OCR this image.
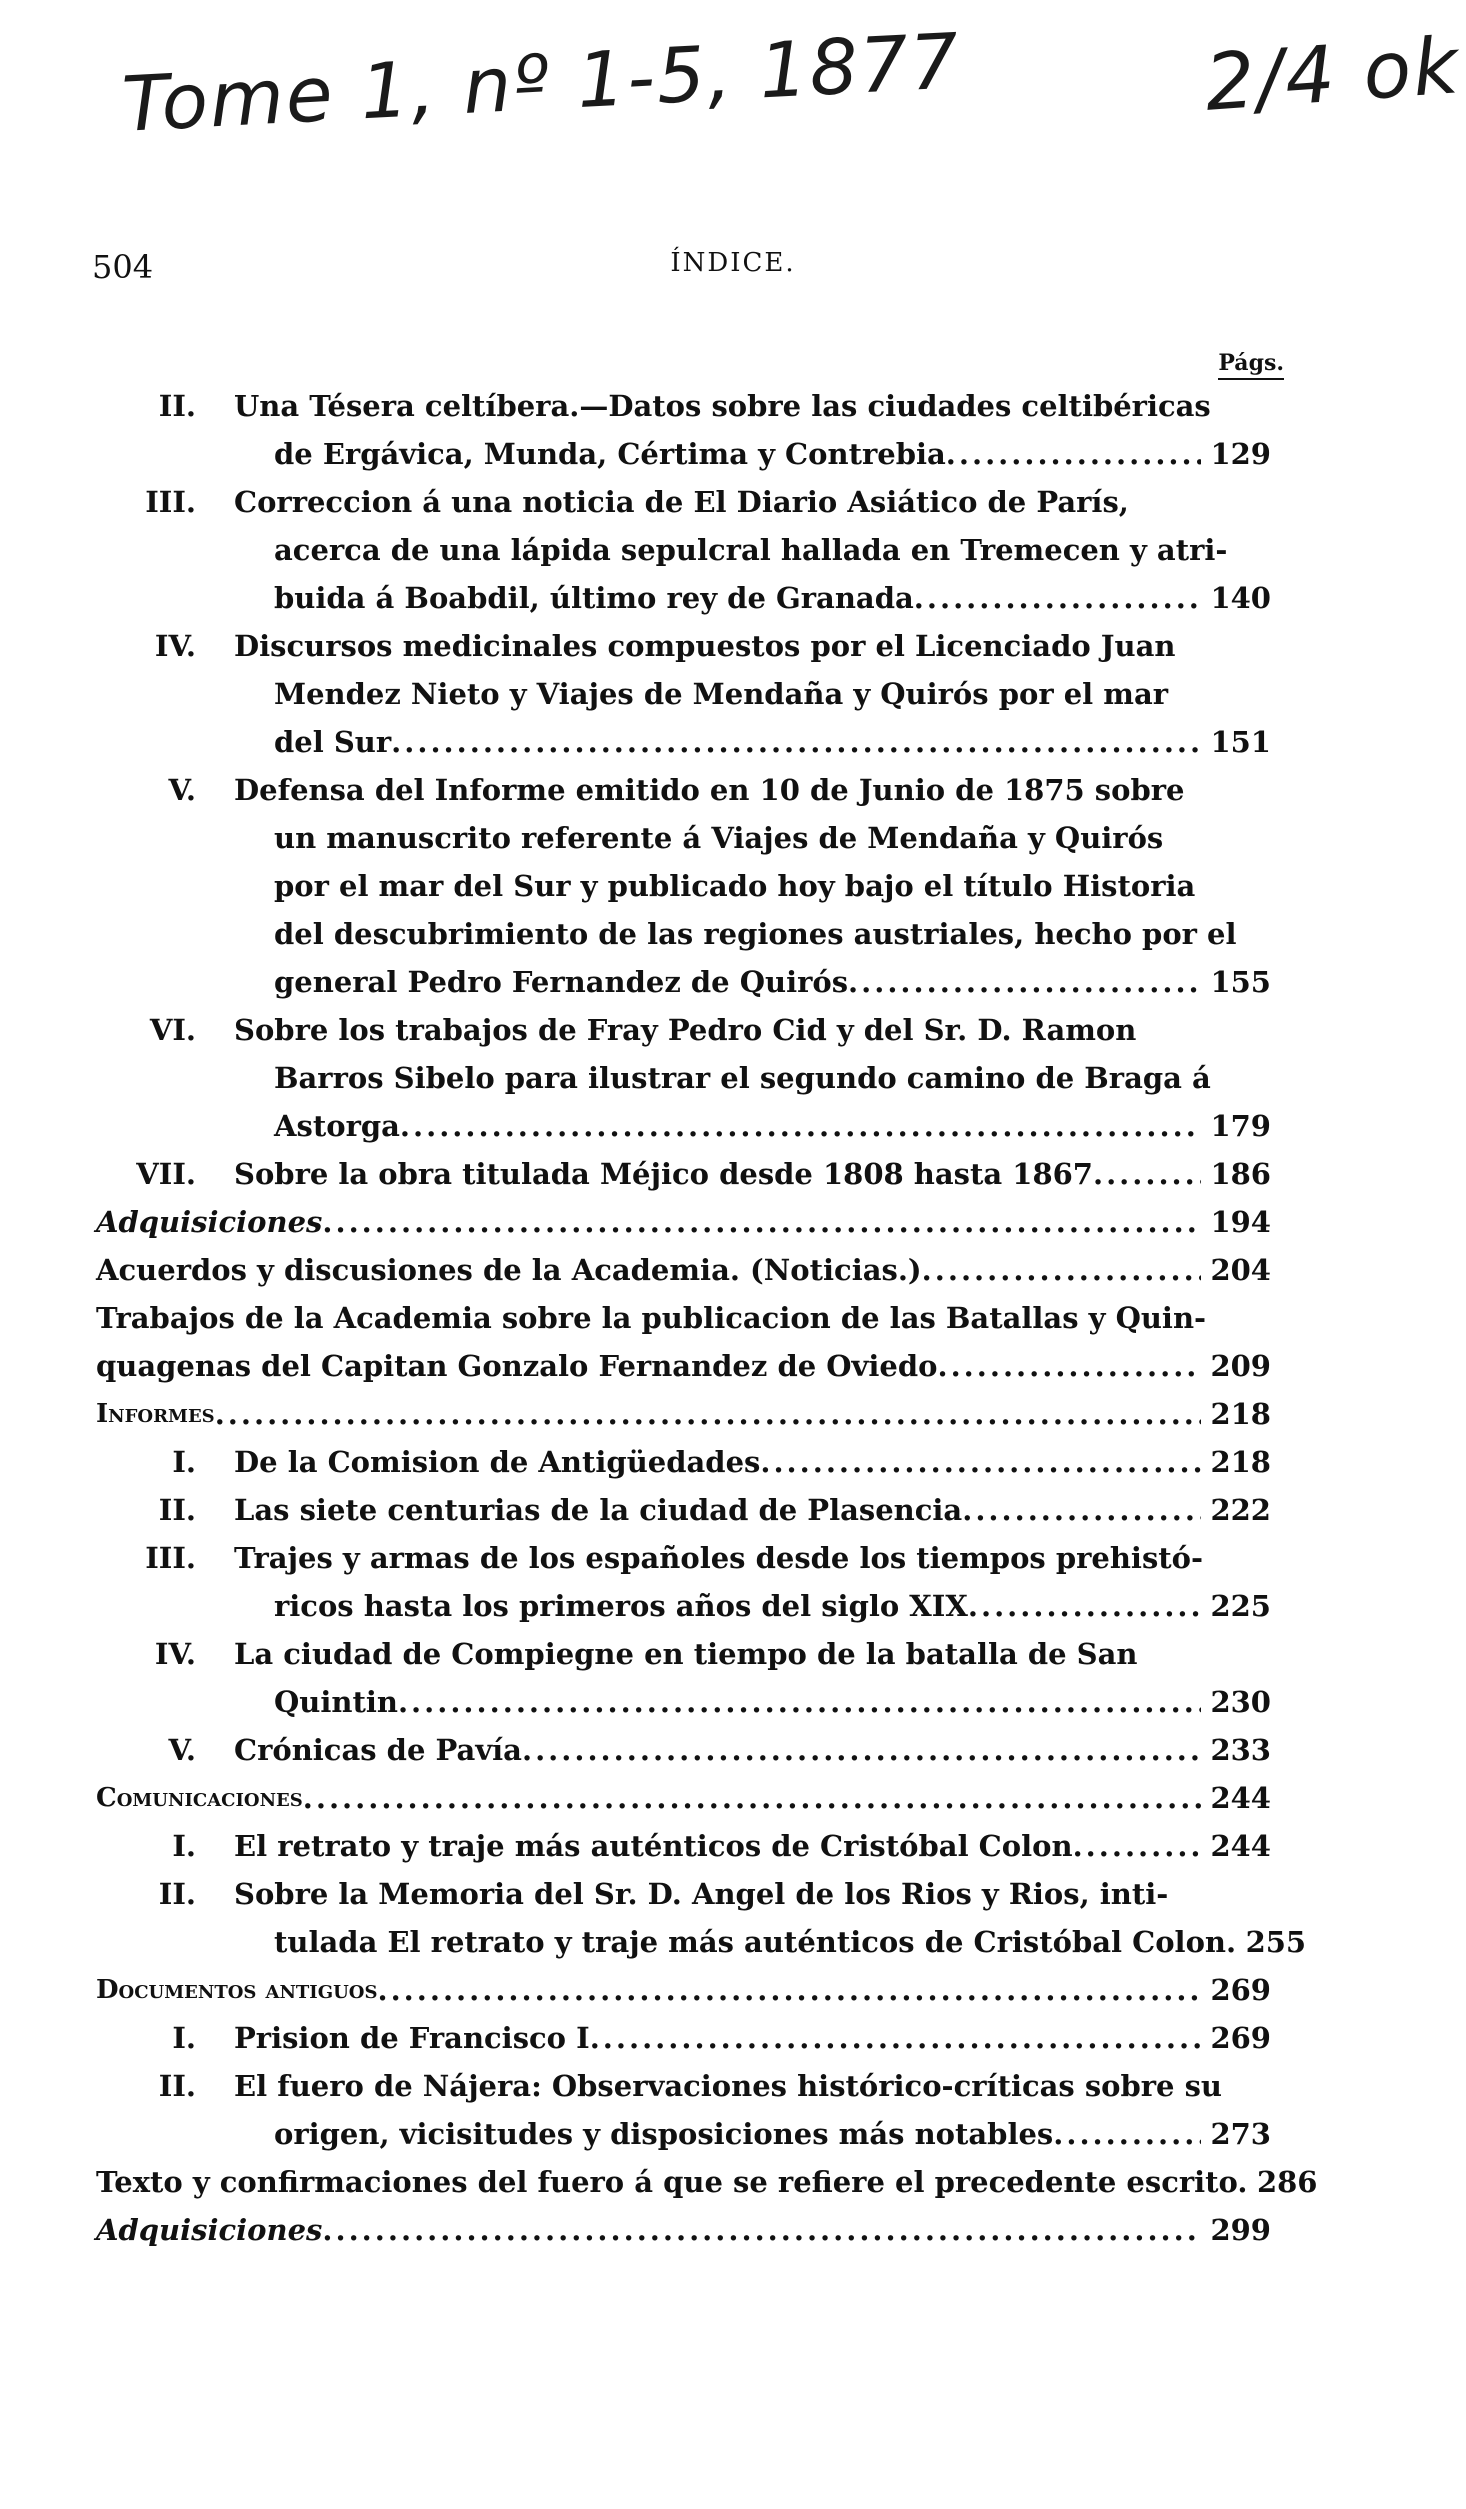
Tome 1, nº 1-5, 1877	2/4 ok
504	ÍNDICE.
Págs.
II. Una Tésera celtíbera.—Datos sobre las ciudades celtibéricas
de Ergávica, Munda, Cértima y Contrebia .....	129
III. Correccion á una noticia de El Diario Asiático de París,
acerca de una lápida sepulcral hallada en Tremecen y atri-
buida á Boabdil, último rey de Granada .....	140
IV. Discursos medicinales compuestos por el Licenciado Juan
Mendez Nieto y Viajes de Mendaña y Quirós por el mar
del Sur .....	151
V. Defensa del Informe emitido en 10 de Junio de 1875 sobre
un manuscrito referente á Viajes de Mendaña y Quirós
por el mar del Sur y publicado hoy bajo el título Historia
del descubrimiento de las regiones austriales, hecho por el
general Pedro Fernandez de Quirós .....	155
VI. Sobre los trabajos de Fray Pedro Cid y del Sr. D. Ramon
Barros Sibelo para ilustrar el segundo camino de Braga á
Astorga .....	179
VII. Sobre la obra titulada Méjico desde 1808 hasta 1867 .....	186
Adquisiciones .....	194
Acuerdos y discusiones de la Academia. (Noticias.) .....	204
Trabajos de la Academia sobre la publicacion de las Batallas y Quin-
quagenas del Capitan Gonzalo Fernandez de Oviedo .....	209
Informes .....	218
I. De la Comision de Antigüedades .....	218
II. Las siete centurias de la ciudad de Plasencia .....	222
III. Trajes y armas de los españoles desde los tiempos prehistó-
ricos hasta los primeros años del siglo XIX .....	225
IV. La ciudad de Compiegne en tiempo de la batalla de San
Quintin .....	230
V. Crónicas de Pavía .....	233
Comunicaciones .....	244
I. El retrato y traje más auténticos de Cristóbal Colon .....	244
II. Sobre la Memoria del Sr. D. Angel de los Rios y Rios, inti-
tulada El retrato y traje más auténticos de Cristóbal Colon. 255
Documentos antiguos .....	269
I. Prision de Francisco I .....	269
II. El fuero de Nájera: Observaciones histórico-críticas sobre su
origen, vicisitudes y disposiciones más notables .....	273
Texto y confirmaciones del fuero á que se refiere el precedente escrito. 286
Adquisiciones .....	299
